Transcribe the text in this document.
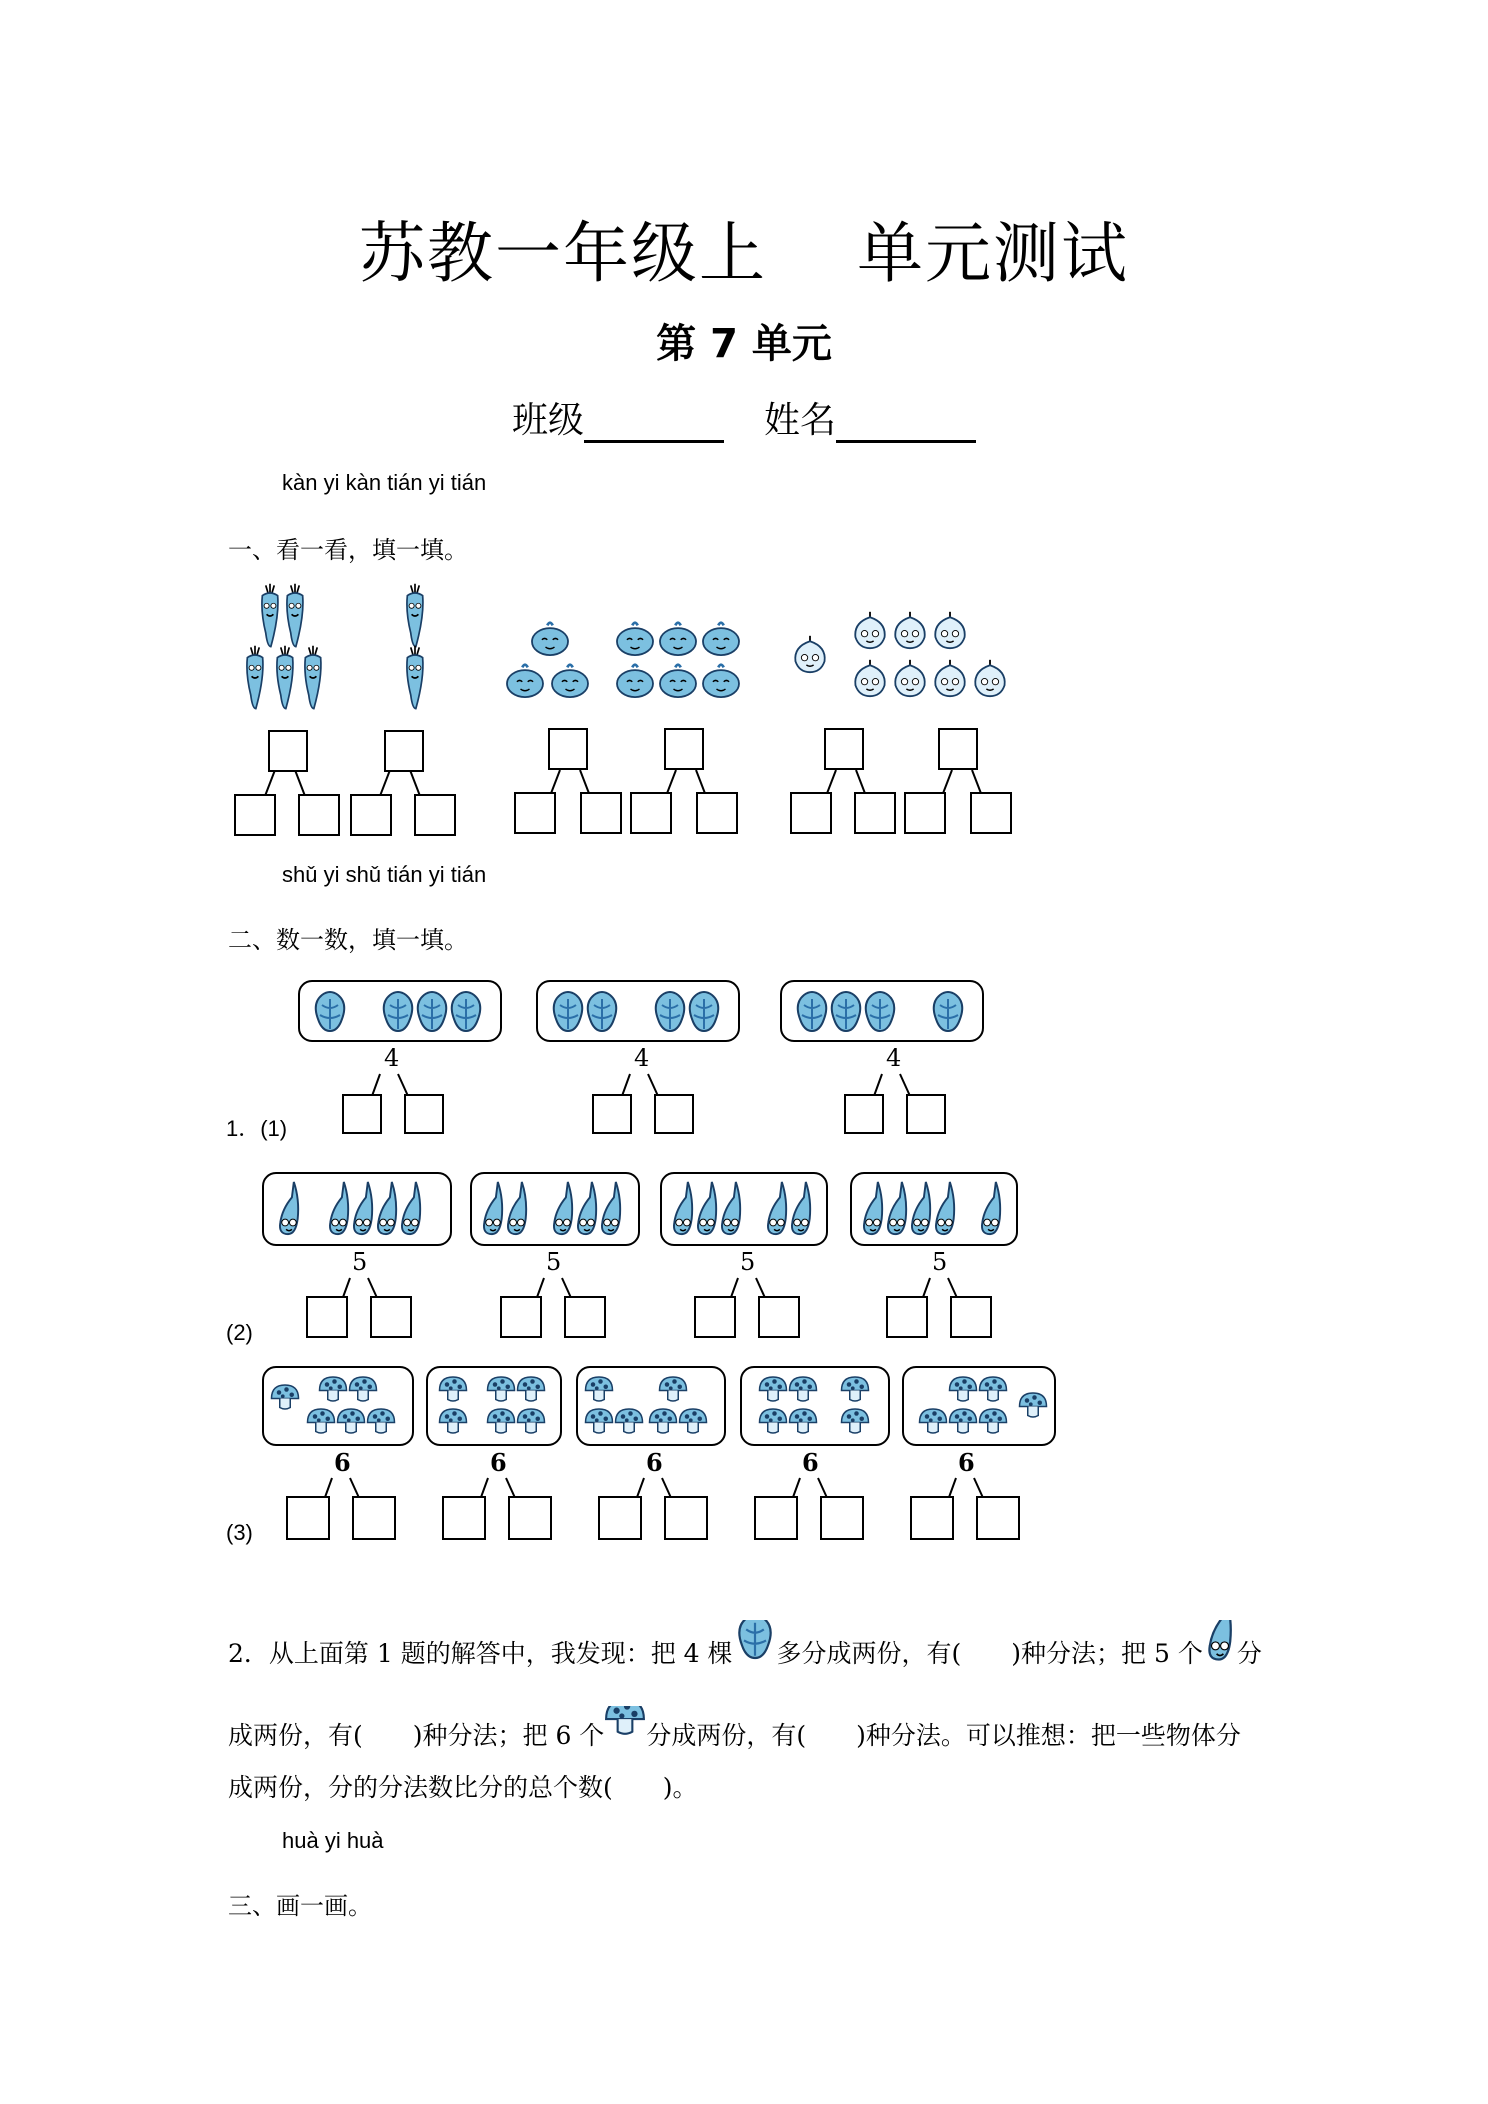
苏教一年级上 单元测试
第 7 单元
班级	姓名
kàn yi kàn tián yi tián
一、看一看，填一填。
shǔ yi shǔ tián yi tián
二、数一数，填一填。
4	4	4
1．(1)
5	5	5	5
(2)
6	6	6	6	6
(3)
2．从上面第 1 题的解答中，我发现：把 4 棵 多分成两份，有(　　)种分法；把 5 个 分
成两份，有(　　)种分法；把 6 个 分成两份，有(　　)种分法。可以推想：把一些物体分
成两份，分的分法数比分的总个数(　　)。
huà yi huà
三、画一画。
